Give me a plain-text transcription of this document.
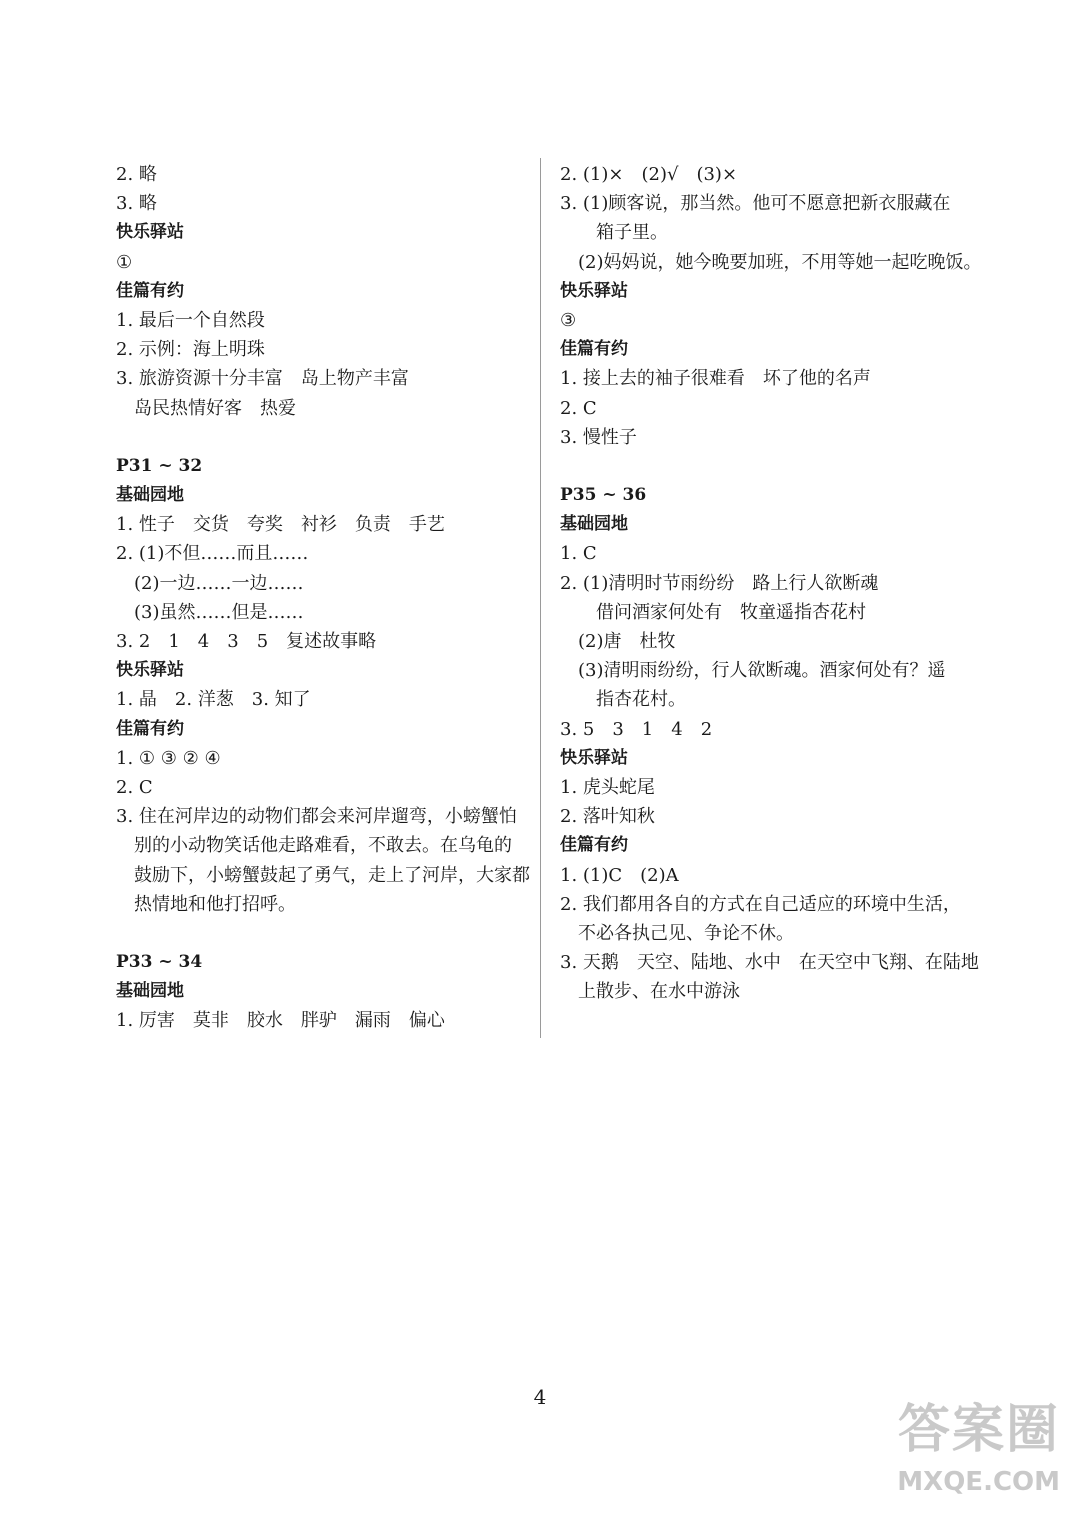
2. 略
3. 略
快乐驿站
①
佳篇有约
1. 最后一个自然段
2. 示例：海上明珠
3. 旅游资源十分丰富　岛上物产丰富
岛民热情好客　热爱
P31 ~ 32
基础园地
1. 性子　交货　夸奖　衬衫　负责　手艺
2. (1)不但……而且……
(2)一边……一边……
(3)虽然……但是……
3. 2　1　4　3　5　复述故事略
快乐驿站
1. 晶　2. 洋葱　3. 知了
佳篇有约
1. ① ③ ② ④
2. C
3. 住在河岸边的动物们都会来河岸遛弯，小螃蟹怕
别的小动物笑话他走路难看，不敢去。在乌龟的
鼓励下，小螃蟹鼓起了勇气，走上了河岸，大家都
热情地和他打招呼。
P33 ~ 34
基础园地
1. 厉害　莫非　胶水　胖驴　漏雨　偏心
2. (1)×　(2)√　(3)×
3. (1)顾客说，那当然。他可不愿意把新衣服藏在
箱子里。
(2)妈妈说，她今晚要加班，不用等她一起吃晚饭。
快乐驿站
③
佳篇有约
1. 接上去的袖子很难看　坏了他的名声
2. C
3. 慢性子
P35 ~ 36
基础园地
1. C
2. (1)清明时节雨纷纷　路上行人欲断魂
借问酒家何处有　牧童遥指杏花村
(2)唐　杜牧
(3)清明雨纷纷，行人欲断魂。酒家何处有？遥
指杏花村。
3. 5　3　1　4　2
快乐驿站
1. 虎头蛇尾
2. 落叶知秋
佳篇有约
1. (1)C　(2)A
2. 我们都用各自的方式在自己适应的环境中生活，
不必各执己见、争论不休。
3. 天鹅　天空、陆地、水中　在天空中飞翔、在陆地
上散步、在水中游泳
4
答案圈
MXQE.COM
